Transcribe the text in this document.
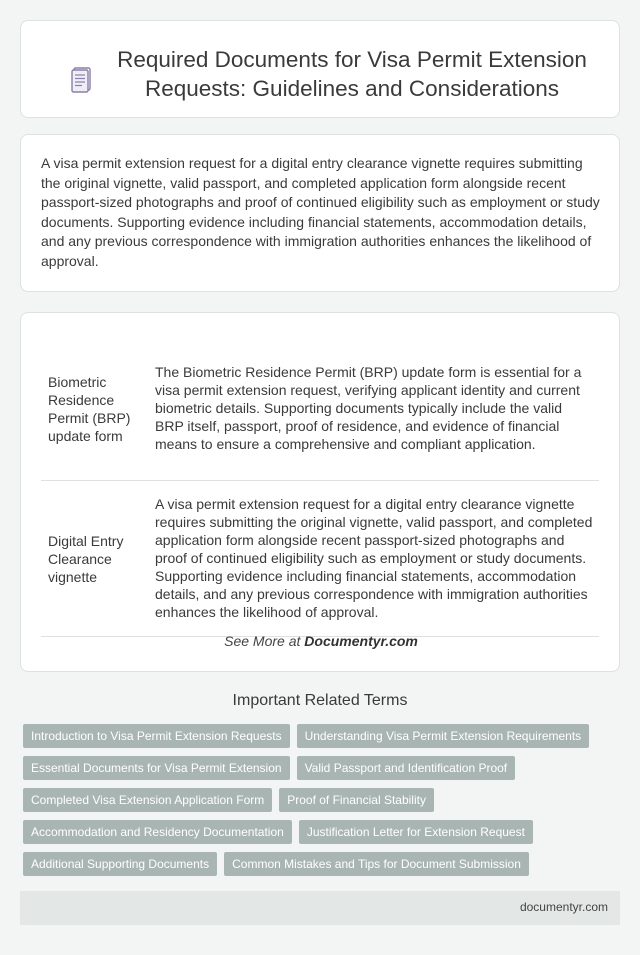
Required Documents for Visa Permit Extension Requests: Guidelines and Considerations

A visa permit extension request for a digital entry clearance vignette requires submitting the original vignette, valid passport, and completed application form alongside recent passport-sized photographs and proof of continued eligibility such as employment or study documents. Supporting evidence including financial statements, accommodation details, and any previous correspondence with immigration authorities enhances the likelihood of approval.

Biometric Residence Permit (BRP) update form	The Biometric Residence Permit (BRP) update form is essential for a visa permit extension request, verifying applicant identity and current biometric details. Supporting documents typically include the valid BRP itself, passport, proof of residence, and evidence of financial means to ensure a comprehensive and compliant application.
Digital Entry Clearance vignette	A visa permit extension request for a digital entry clearance vignette requires submitting the original vignette, valid passport, and completed application form alongside recent passport-sized photographs and proof of continued eligibility such as employment or study documents. Supporting evidence including financial statements, accommodation details, and any previous correspondence with immigration authorities enhances the likelihood of approval.
See More at Documentyr.com
Important Related Terms
Introduction to Visa Permit Extension Requests	Understanding Visa Permit Extension Requirements
Essential Documents for Visa Permit Extension	Valid Passport and Identification Proof
Completed Visa Extension Application Form	Proof of Financial Stability
Accommodation and Residency Documentation	Justification Letter for Extension Request
Additional Supporting Documents	Common Mistakes and Tips for Document Submission
documentyr.com
